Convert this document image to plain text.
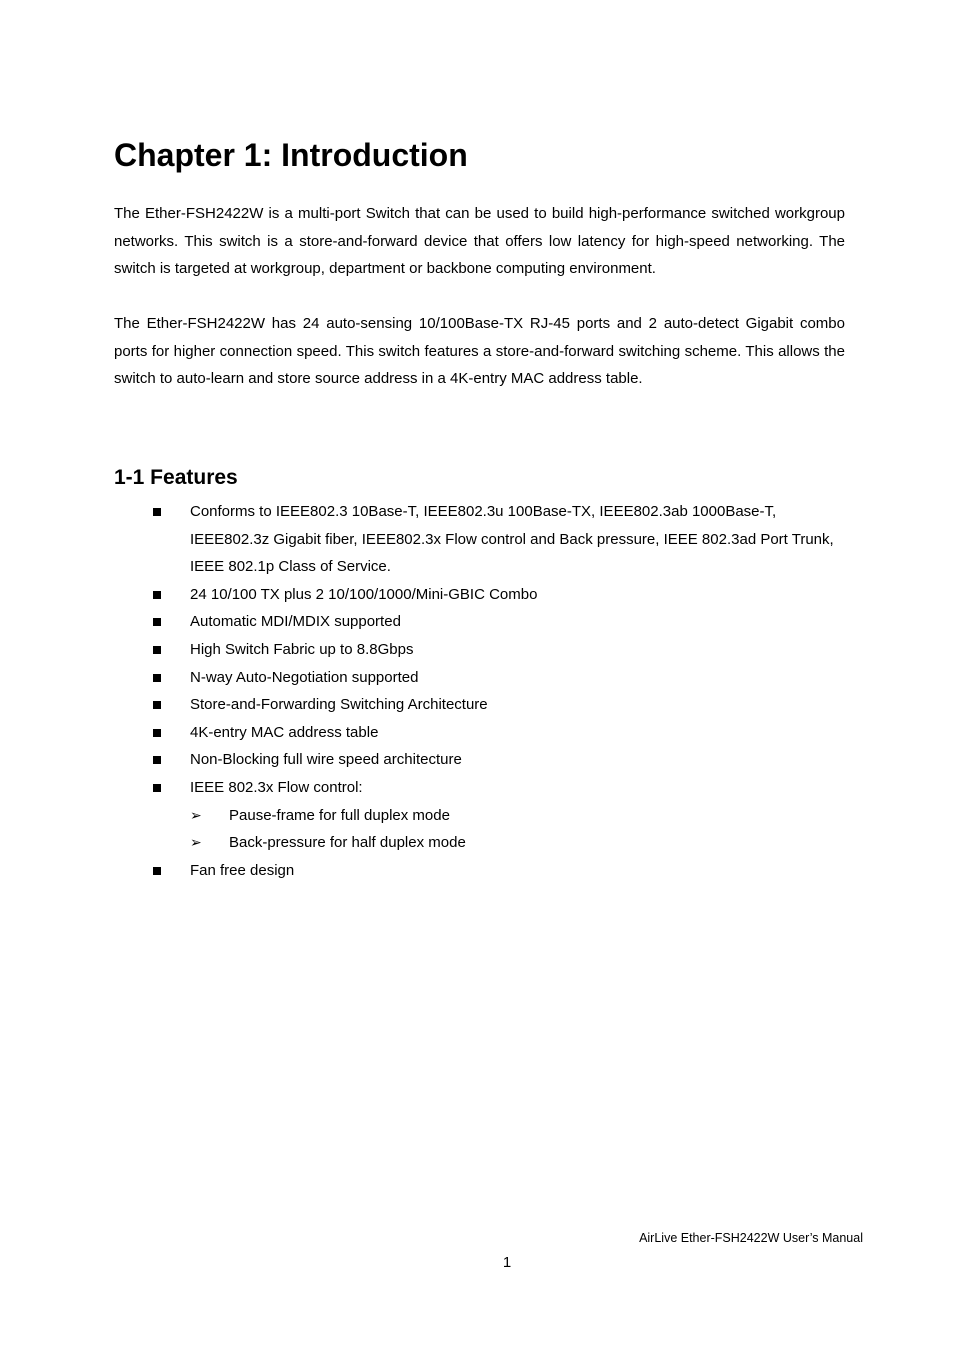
Chapter 1: Introduction

The Ether-FSH2422W is a multi-port Switch that can be used to build high-performance switched workgroup networks. This switch is a store-and-forward device that offers low latency for high-speed networking. The switch is targeted at workgroup, department or backbone computing environment.

The Ether-FSH2422W has 24 auto-sensing 10/100Base-TX RJ-45 ports and 2 auto-detect Gigabit combo ports for higher connection speed. This switch features a store-and-forward switching scheme. This allows the switch to auto-learn and store source address in a 4K-entry MAC address table.

1-1 Features
Conforms to IEEE802.3 10Base-T, IEEE802.3u 100Base-TX, IEEE802.3ab 1000Base-T, IEEE802.3z Gigabit fiber, IEEE802.3x Flow control and Back pressure, IEEE 802.3ad Port Trunk, IEEE 802.1p Class of Service.
24 10/100 TX plus 2 10/100/1000/Mini-GBIC Combo
Automatic MDI/MDIX supported
High Switch Fabric up to 8.8Gbps
N-way Auto-Negotiation supported
Store-and-Forwarding Switching Architecture
4K-entry MAC address table
Non-Blocking full wire speed architecture
IEEE 802.3x Flow control:
➢ Pause-frame for full duplex mode
➢ Back-pressure for half duplex mode
Fan free design
AirLive Ether-FSH2422W User’s Manual
1
